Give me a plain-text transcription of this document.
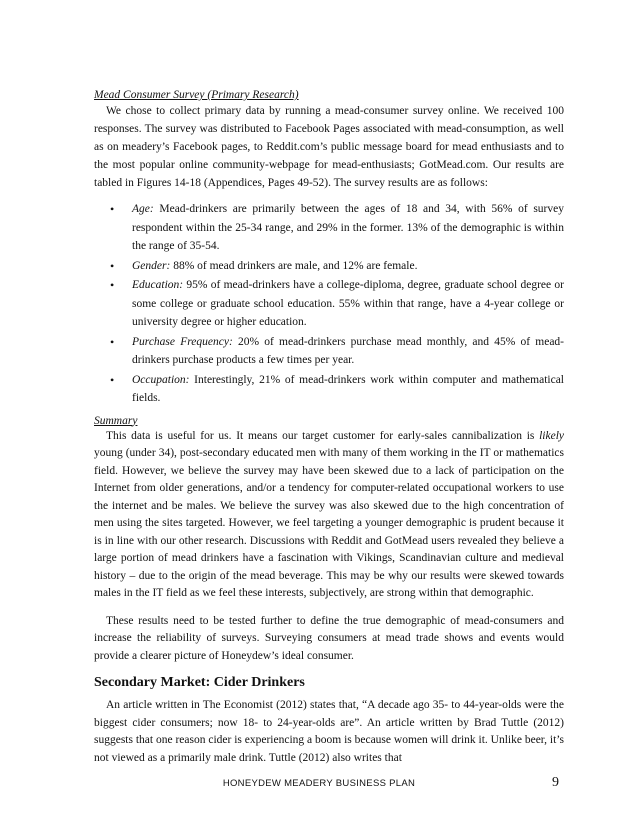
Mead Consumer Survey (Primary Research)

We chose to collect primary data by running a mead-consumer survey online. We received 100 responses. The survey was distributed to Facebook Pages associated with mead-consumption, as well as on meadery’s Facebook pages, to Reddit.com’s public message board for mead enthusiasts and to the most popular online community-webpage for mead-enthusiasts; GotMead.com. Our results are tabled in Figures 14-18 (Appendices, Pages 49-52). The survey results are as follows:

• Age: Mead-drinkers are primarily between the ages of 18 and 34, with 56% of survey respondent within the 25-34 range, and 29% in the former. 13% of the demographic is within the range of 35-54.
• Gender: 88% of mead drinkers are male, and 12% are female.
• Education: 95% of mead-drinkers have a college-diploma, degree, graduate school degree or some college or graduate school education. 55% within that range, have a 4-year college or university degree or higher education.
• Purchase Frequency: 20% of mead-drinkers purchase mead monthly, and 45% of mead-drinkers purchase products a few times per year.
• Occupation: Interestingly, 21% of mead-drinkers work within computer and mathematical fields.

Summary

This data is useful for us. It means our target customer for early-sales cannibalization is likely young (under 34), post-secondary educated men with many of them working in the IT or mathematics field. However, we believe the survey may have been skewed due to a lack of participation on the Internet from older generations, and/or a tendency for computer-related occupational workers to use the internet and be males. We believe the survey was also skewed due to the high concentration of men using the sites targeted. However, we feel targeting a younger demographic is prudent because it is in line with our other research. Discussions with Reddit and GotMead users revealed they believe a large portion of mead drinkers have a fascination with Vikings, Scandinavian culture and medieval history – due to the origin of the mead beverage. This may be why our results were skewed towards males in the IT field as we feel these interests, subjectively, are strong within that demographic.

These results need to be tested further to define the true demographic of mead-consumers and increase the reliability of surveys. Surveying consumers at mead trade shows and events would provide a clearer picture of Honeydew’s ideal consumer.

Secondary Market: Cider Drinkers

An article written in The Economist (2012) states that, “A decade ago 35- to 44-year-olds were the biggest cider consumers; now 18- to 24-year-olds are”. An article written by Brad Tuttle (2012) suggests that one reason cider is experiencing a boom is because women will drink it. Unlike beer, it’s not viewed as a primarily male drink. Tuttle (2012) also writes that

HONEYDEW MEADERY BUSINESS PLAN	9
